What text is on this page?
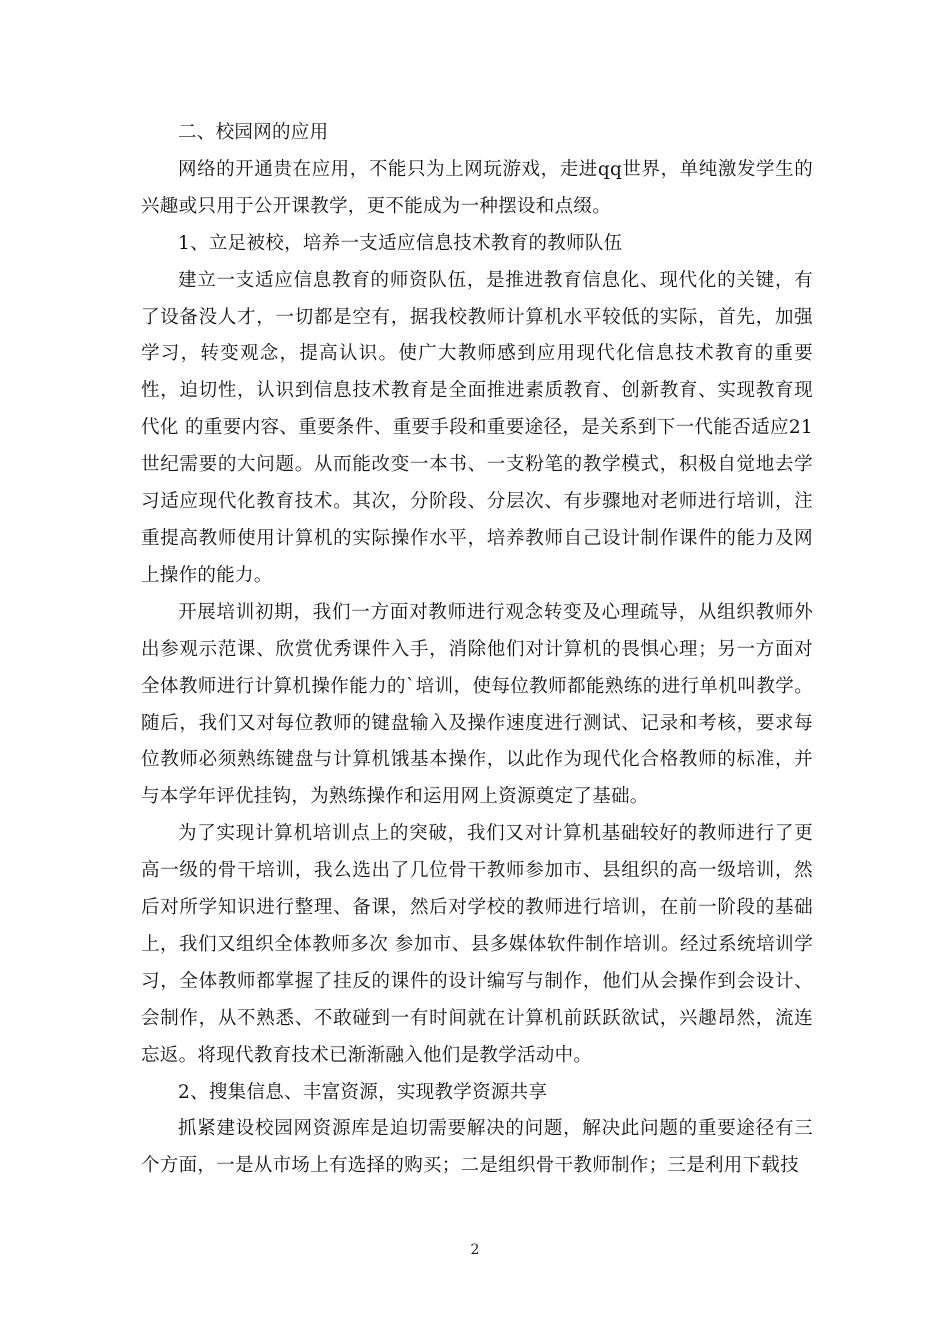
二、校园网的应用

网络的开通贵在应用，不能只为上网玩游戏，走进qq世界，单纯激发学生的兴趣或只用于公开课教学，更不能成为一种摆设和点缀。

1、立足被校，培养一支适应信息技术教育的教师队伍

建立一支适应信息教育的师资队伍，是推进教育信息化、现代化的关键，有了设备没人才，一切都是空有，据我校教师计算机水平较低的实际，首先，加强学习，转变观念，提高认识。使广大教师感到应用现代化信息技术教育的重要性，迫切性，认识到信息技术教育是全面推进素质教育、创新教育、实现教育现代化 的重要内容、重要条件、重要手段和重要途径，是关系到下一代能否适应21世纪需要的大问题。从而能改变一本书、一支粉笔的教学模式，积极自觉地去学习适应现代化教育技术。其次，分阶段、分层次、有步骤地对老师进行培训，注重提高教师使用计算机的实际操作水平，培养教师自己设计制作课件的能力及网上操作的能力。

开展培训初期，我们一方面对教师进行观念转变及心理疏导，从组织教师外出参观示范课、欣赏优秀课件入手，消除他们对计算机的畏惧心理；另一方面对全体教师进行计算机操作能力的`培训，使每位教师都能熟练的进行单机叫教学。随后，我们又对每位教师的键盘输入及操作速度进行测试、记录和考核，要求每位教师必须熟练键盘与计算机饿基本操作，以此作为现代化合格教师的标准，并与本学年评优挂钩，为熟练操作和运用网上资源奠定了基础。

为了实现计算机培训点上的突破，我们又对计算机基础较好的教师进行了更高一级的骨干培训，我么选出了几位骨干教师参加市、县组织的高一级培训，然后对所学知识进行整理、备课，然后对学校的教师进行培训，在前一阶段的基础上，我们又组织全体教师多次 参加市、县多媒体软件制作培训。经过系统培训学习，全体教师都掌握了挂反的课件的设计编写与制作，他们从会操作到会设计、会制作，从不熟悉、不敢碰到一有时间就在计算机前跃跃欲试，兴趣昂然，流连忘返。将现代教育技术已渐渐融入他们是教学活动中。

2、搜集信息、丰富资源，实现教学资源共享

抓紧建设校园网资源库是迫切需要解决的问题，解决此问题的重要途径有三个方面，一是从市场上有选择的购买；二是组织骨干教师制作；三是利用下载技

2
